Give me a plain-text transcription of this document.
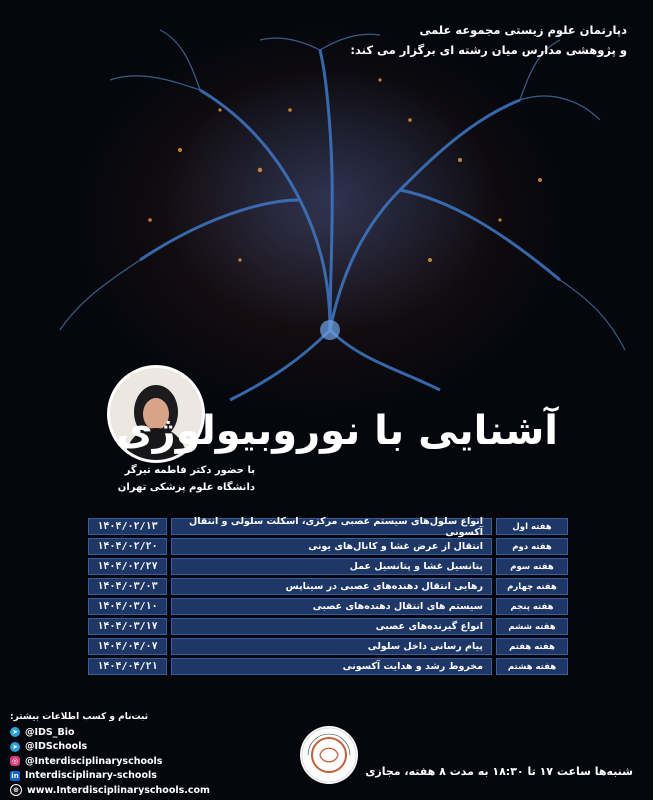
دپارتمان علوم زیستی مجموعه علمی
و پژوهشی مدارس میان رشته ای برگزار می کند:
با حضور دکتر فاطمه تیرگر
دانشگاه علوم پزشکی تهران
آشنایی با نوروبیولوژی
۱۴۰۴/۰۲/۱۳	انواع سلول‌های سیستم عصبی مرکزی، اسکلت سلولی و انتقال آکسونی	هفته اول
۱۴۰۴/۰۲/۲۰	انتقال از عرض غشا و کانال‌های یونی	هفته دوم
۱۴۰۴/۰۲/۲۷	پتانسیل غشا و پتانسیل عمل	هفته سوم
۱۴۰۴/۰۳/۰۳	رهایی انتقال دهنده‌های عصبی در سیناپس	هفته چهارم
۱۴۰۴/۰۳/۱۰	سیستم های انتقال دهنده‌های عصبی	هفته پنجم
۱۴۰۴/۰۳/۱۷	انواع گیرنده‌های عصبی	هفته ششم
۱۴۰۴/۰۴/۰۷	پیام رسانی داخل سلولی	هفته هفتم
۱۴۰۴/۰۴/۲۱	مخروط رشد و هدایت آکسونی	هفته هشتم
ثبت‌نام و کسب اطلاعات بیشتر:
➤ @IDS_Bio
➤ @IDSchools
◎ @Interdisciplinaryschools
in Interdisciplinary-schools
⊕ www.Interdisciplinaryschools.com
شنبه‌ها ساعت ۱۷ تا ۱۸:۳۰ به مدت ۸ هفته، مجازی
